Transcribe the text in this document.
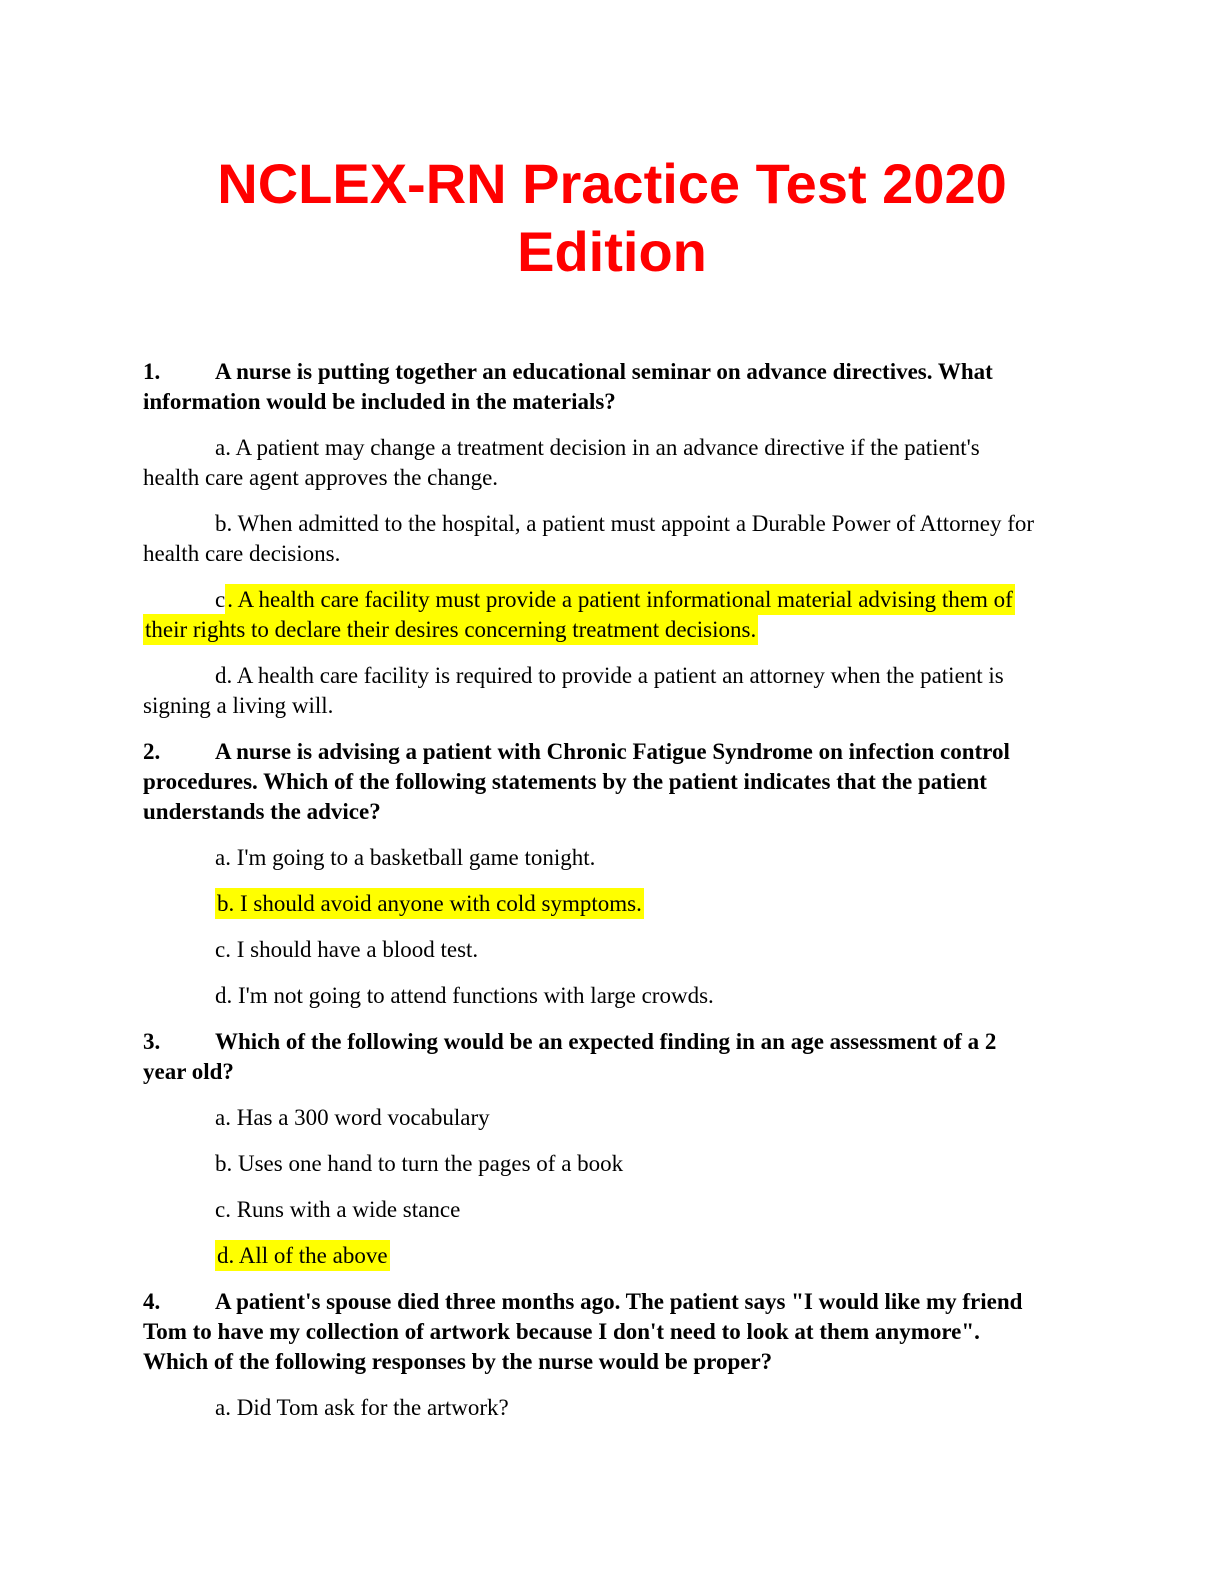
NCLEX-RN Practice Test 2020
Edition

1. A nurse is putting together an educational seminar on advance directives. What
information would be included in the materials?

a. A patient may change a treatment decision in an advance directive if the patient's
health care agent approves the change.

b. When admitted to the hospital, a patient must appoint a Durable Power of Attorney for
health care decisions.

c. A health care facility must provide a patient informational material advising them of
their rights to declare their desires concerning treatment decisions.

d. A health care facility is required to provide a patient an attorney when the patient is
signing a living will.

2. A nurse is advising a patient with Chronic Fatigue Syndrome on infection control
procedures. Which of the following statements by the patient indicates that the patient
understands the advice?

a. I'm going to a basketball game tonight.

b. I should avoid anyone with cold symptoms.

c. I should have a blood test.

d. I'm not going to attend functions with large crowds.

3. Which of the following would be an expected finding in an age assessment of a 2
year old?

a. Has a 300 word vocabulary

b. Uses one hand to turn the pages of a book

c. Runs with a wide stance

d. All of the above

4. A patient's spouse died three months ago. The patient says "I would like my friend
Tom to have my collection of artwork because I don't need to look at them anymore".
Which of the following responses by the nurse would be proper?

a. Did Tom ask for the artwork?
